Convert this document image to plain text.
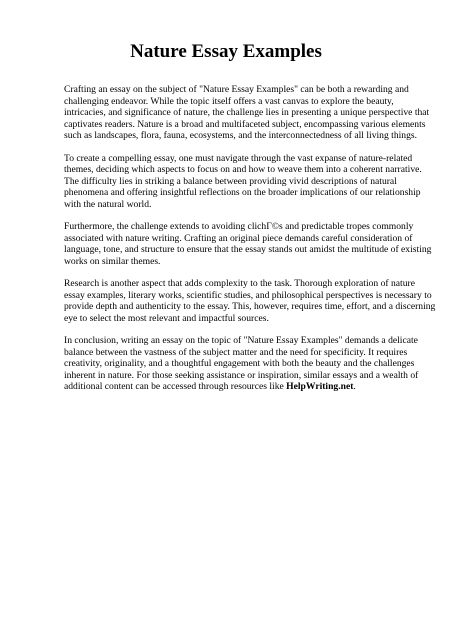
Nature Essay Examples

Crafting an essay on the subject of "Nature Essay Examples" can be both a rewarding and
challenging endeavor. While the topic itself offers a vast canvas to explore the beauty,
intricacies, and significance of nature, the challenge lies in presenting a unique perspective that
captivates readers. Nature is a broad and multifaceted subject, encompassing various elements
such as landscapes, flora, fauna, ecosystems, and the interconnectedness of all living things.

To create a compelling essay, one must navigate through the vast expanse of nature-related
themes, deciding which aspects to focus on and how to weave them into a coherent narrative.
The difficulty lies in striking a balance between providing vivid descriptions of natural
phenomena and offering insightful reflections on the broader implications of our relationship
with the natural world.

Furthermore, the challenge extends to avoiding clichГ©s and predictable tropes commonly
associated with nature writing. Crafting an original piece demands careful consideration of
language, tone, and structure to ensure that the essay stands out amidst the multitude of existing
works on similar themes.

Research is another aspect that adds complexity to the task. Thorough exploration of nature
essay examples, literary works, scientific studies, and philosophical perspectives is necessary to
provide depth and authenticity to the essay. This, however, requires time, effort, and a discerning
eye to select the most relevant and impactful sources.

In conclusion, writing an essay on the topic of "Nature Essay Examples" demands a delicate
balance between the vastness of the subject matter and the need for specificity. It requires
creativity, originality, and a thoughtful engagement with both the beauty and the challenges
inherent in nature. For those seeking assistance or inspiration, similar essays and a wealth of
additional content can be accessed through resources like HelpWriting.net.
